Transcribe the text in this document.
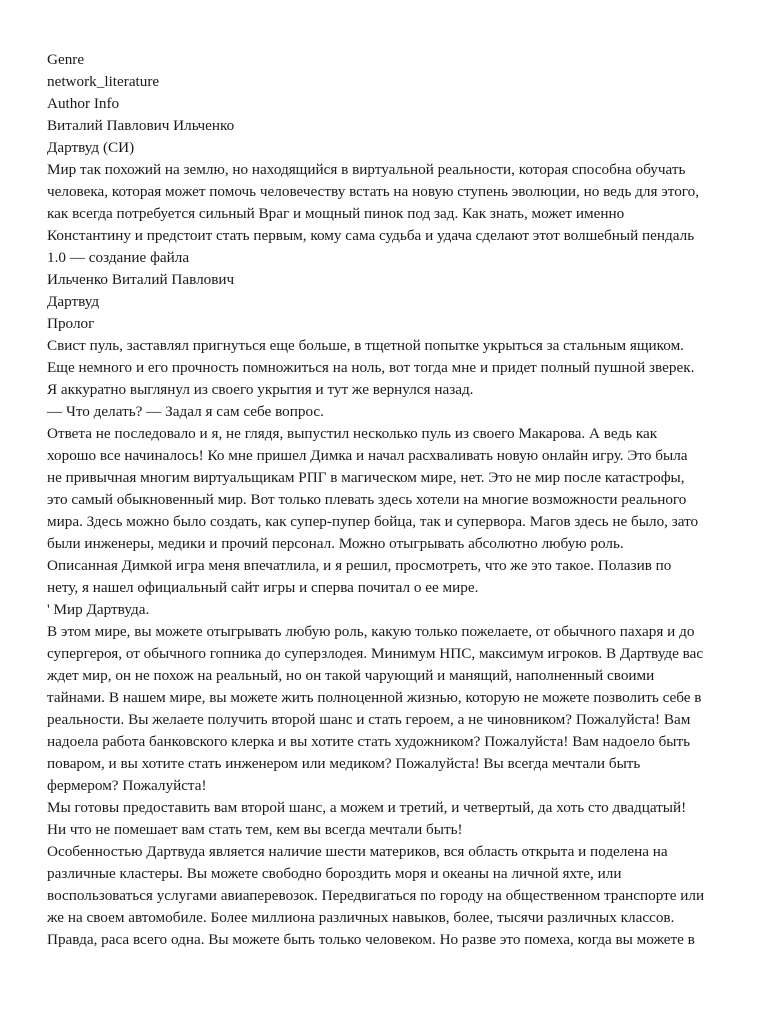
Genre

network_literature

Author Info

Виталий Павлович Ильченко

Дартвуд (СИ)

Мир так похожий на землю, но находящийся в виртуальной реальности, которая способна обучать

человека, которая может помочь человечеству встать на новую ступень эволюции, но ведь для этого,

как всегда потребуется сильный Враг и мощный пинок под зад. Как знать, может именно

Константину и предстоит стать первым, кому сама судьба и удача сделают этот волшебный пендаль

1.0 — создание файла

Ильченко Виталий Павлович

Дартвуд

Пролог

Свист пуль, заставлял пригнуться еще больше, в тщетной попытке укрыться за стальным ящиком.

Еще немного и его прочность помножиться на ноль, вот тогда мне и придет полный пушной зверек.

Я аккуратно выглянул из своего укрытия и тут же вернулся назад.

— Что делать? — Задал я сам себе вопрос.

Ответа не последовало и я, не глядя, выпустил несколько пуль из своего Макарова. А ведь как

хорошо все начиналось! Ко мне пришел Димка и начал расхваливать новую онлайн игру. Это была

не привычная многим виртуальщикам РПГ в магическом мире, нет. Это не мир после катастрофы,

это самый обыкновенный мир. Вот только плевать здесь хотели на многие возможности реального

мира. Здесь можно было создать, как супер-пупер бойца, так и суперворa. Магов здесь не было, зато

были инженеры, медики и прочий персонал. Можно отыгрывать абсолютно любую роль.

Описанная Димкой игра меня впечатлила, и я решил, просмотреть, что же это такое. Полазив по

нету, я нашел официальный сайт игры и сперва почитал о ее мире.

' Мир Дартвуда.

В этом мире, вы можете отыгрывать любую роль, какую только пожелаете, от обычного пахаря и до

супергероя, от обычного гопника до суперзлодея. Минимум НПС, максимум игроков. В Дартвуде вас

ждет мир, он не похож на реальный, но он такой чарующий и манящий, наполненный своими

тайнами. В нашем мире, вы можете жить полноценной жизнью, которую не можете позволить себе в

реальности. Вы желаете получить второй шанс и стать героем, а не чиновником? Пожалуйста! Вам

надоела работа банковского клерка и вы хотите стать художником? Пожалуйста! Вам надоело быть

поваром, и вы хотите стать инженером или медиком? Пожалуйста! Вы всегда мечтали быть

фермером? Пожалуйста!

Мы готовы предоставить вам второй шанс, а можем и третий, и четвертый, да хоть сто двадцатый!

Ни что не помешает вам стать тем, кем вы всегда мечтали быть!

Особенностью Дартвуда является наличие шести материков, вся область открыта и поделена на

различные кластеры. Вы можете свободно бороздить моря и океаны на личной яхте, или

воспользоваться услугами авиаперевозок. Передвигаться по городу на общественном транспорте или

же на своем автомобиле. Более миллиона различных навыков, более, тысячи различных классов.

Правда, раса всего одна. Вы можете быть только человеком. Но разве это помеха, когда вы можете в
